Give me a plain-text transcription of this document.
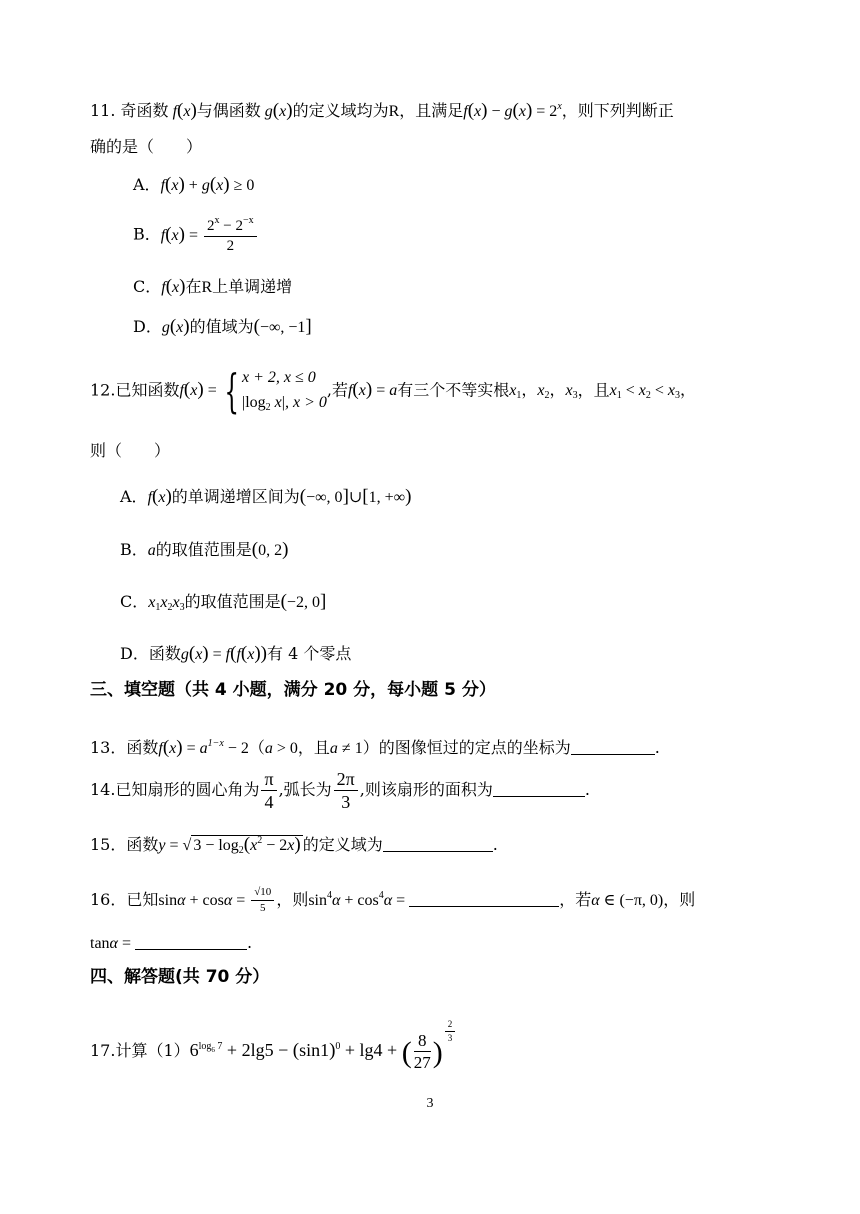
11. 奇函数 f(x)与偶函数 g(x)的定义域均为R，且满足$f(x) - g(x) = 2^x$，则下列判断正
确的是（　　）
A．f(x) + g(x) ≥ 0
B．$f(x) = \frac{2^x - 2^{-x}}{2}$
C．f(x)在R上单调递增
D．g(x)的值域为(−∞, −1]
12.已知函数f(x) = { x + 2, x ≤ 0
$|\log_2$ x|, x > 0
,若f(x) = a有三个不等实根$x_1$，$x_2$，$x_3$，且$x_1 < x_2 < x_3$，
则（　　）
A．f(x)的单调递增区间为(−∞, 0]∪[1, +∞)
B．a的取值范围是(0, 2)
C．$x_1x_2x_3$的取值范围是(−2, 0]
D．函数g(x) = f(f(x))有 4 个零点
三、填空题（共 4 小题，满分 20 分，每小题 5 分）
13．函数$f(x) = a^{1-x} - 2(a > 0$，且a ≠ 1）的图像恒过的定点的坐标为	.
14.已知扇形的圆心角为 $\frac{\pi}{4}$ ,弧长为 $\frac{2\pi}{3}$ ,则该扇形的面积为	.
15．函数y = √ $3 - \log_2(x^2 - 2x)$ 的定义域为	.
16．已知$\sin\alpha + \cos\alpha = \frac{√10}{5}$ ，则$\sin^4\alpha + \cos^4\alpha$ =	，若α ∈ (−π, 0)，则
tanα =	.
四、解答题(共 70 分）
17.计算$(1)6^{log_6 7} + 2\lg 5 - (\sin 1)^0 + \lg 4$ + ( $\frac{8}{27}$ )
$^{\frac{2}{3}}$
3
